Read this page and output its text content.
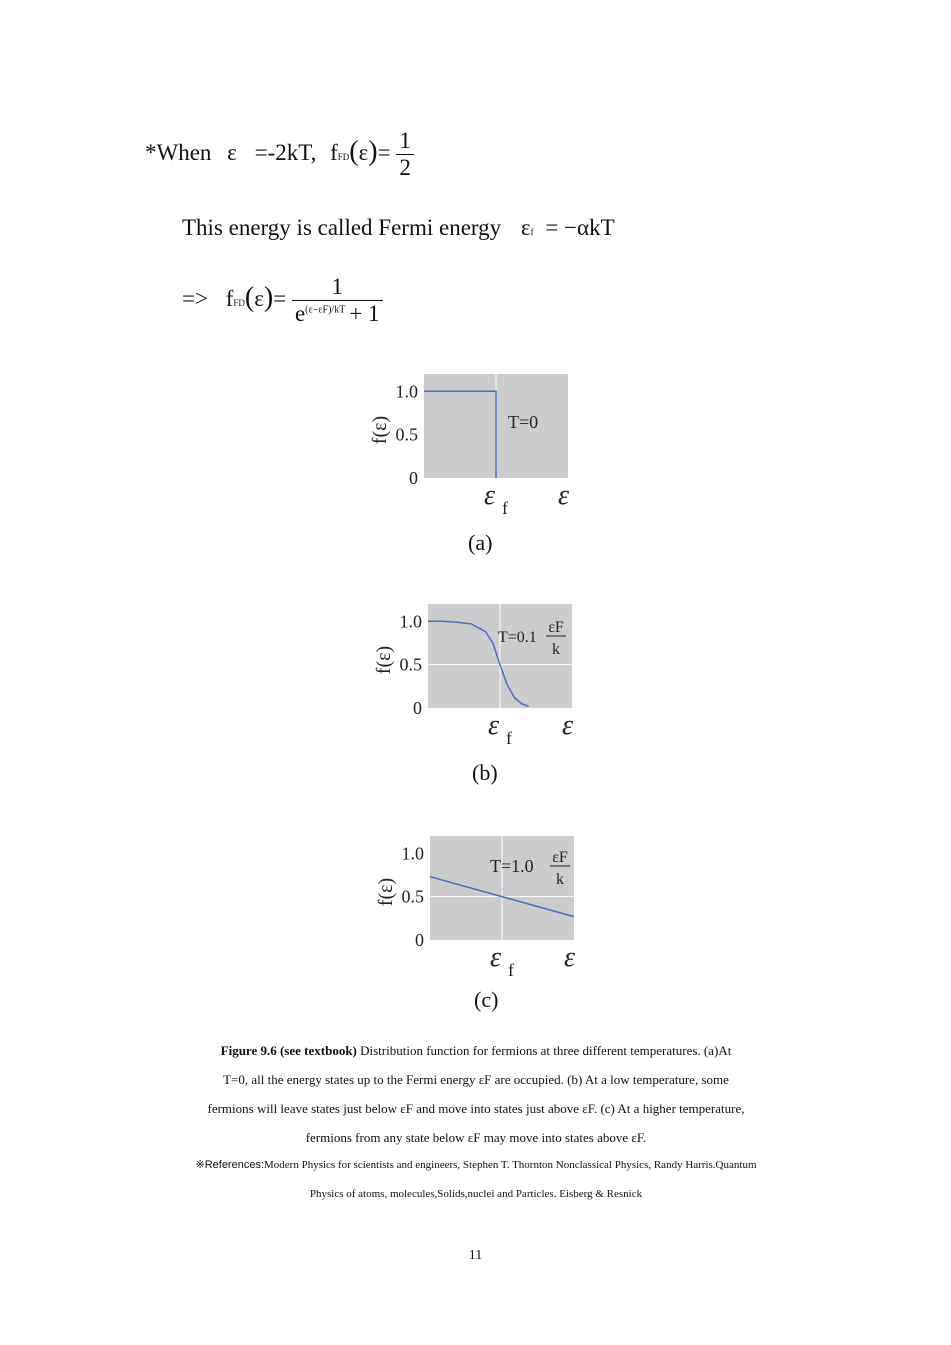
*When ε =-2kT, $fFD(\varepsilon)= \frac{1}{2}$
This energy is called Fermi energy εf = −αkT
=> $fFD(\varepsilon)= \frac{1}{e^{(\varepsilon-\varepsilon F)/kT} + 1}$
1.0
0.5
0
f(ε)
ε f ε
T=0
(a)
1.0
0.5
0
f(ε)
ε f ε
T=0.1
εF
k
(b)
1.0
0.5
0
f(ε)
ε f ε
T=1.0 εF
k
(c)
Figure 9.6 (see textbook) Distribution function for fermions at three different temperatures. (a)At
T=0, all the energy states up to the Fermi energy εF are occupied. (b) At a low temperature, some
fermions will leave states just below εF and move into states just above εF. (c) At a higher temperature,
fermions from any state below εF may move into states above εF.
※References:Modern Physics for scientists and engineers, Stephen T. Thornton Nonclassical Physics, Randy Harris.Quantum
Physics of atoms, molecules,Solids,nuclei and Particles. Eisberg & Resnick
11
